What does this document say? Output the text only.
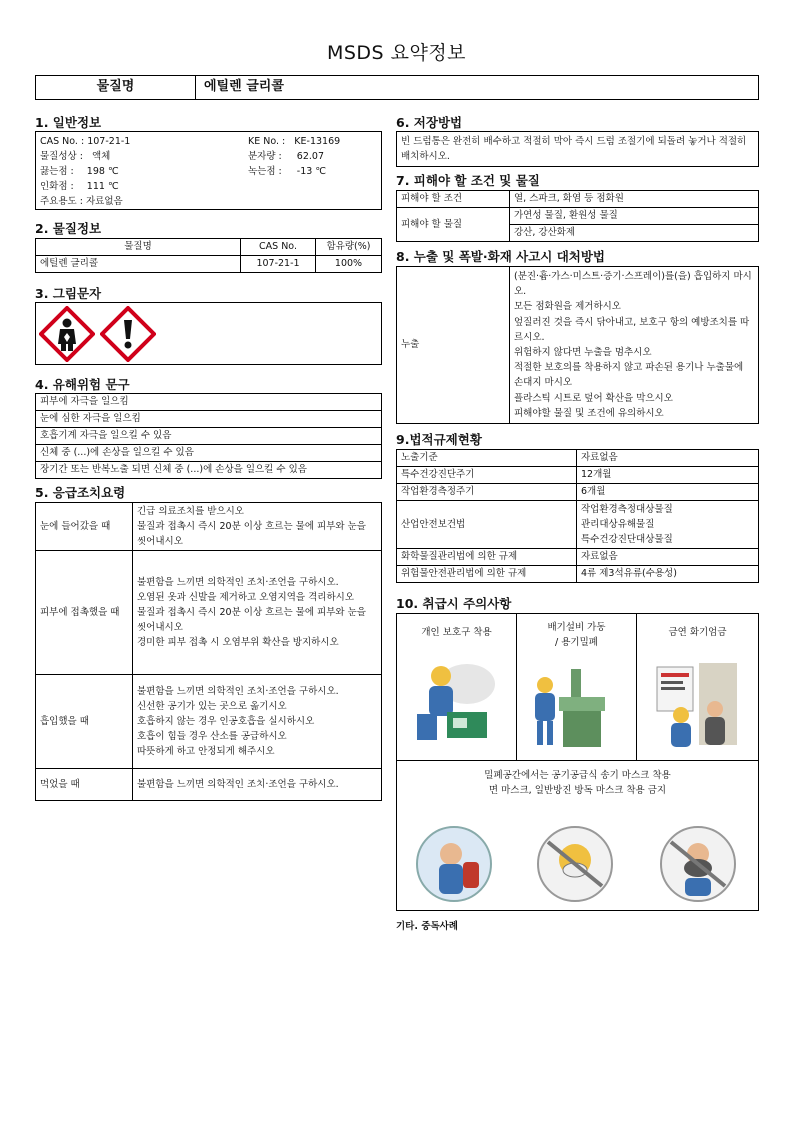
MSDS 요약정보
물질명	에틸렌 글리콜
1. 일반정보
CAS No. : 107-21-1	KE No. : KE-13169
물질성상 : 액체	분자량 : 62.07
끓는점 : 198 ℃	녹는점 : -13 ℃
인화점 : 111 ℃
주요용도 : 자료없음
2. 물질정보
물질명	CAS No.	함유량(%)
에틸렌 글리콜	107-21-1	100%
3. 그림문자
4. 유해위험 문구
피부에 자극을 일으킴
눈에 심한 자극을 일으킴
호흡기계 자극을 일으킬 수 있음
신체 중 (...)에 손상을 일으킬 수 있음
장기간 또는 반복노출 되면 신체 중 (...)에 손상을 일으킬 수 있음
5. 응급조치요령
눈에 들어갔을 때	긴급 의료조치를 받으시오
물질과 접촉시 즉시 20분 이상 흐르는 물에 피부와 눈을 씻어내시오
피부에 접촉했을 때	불편함을 느끼면 의학적인 조치·조언을 구하시오.
오염된 옷과 신발을 제거하고 오염지역을 격리하시오
물질과 접촉시 즉시 20분 이상 흐르는 물에 피부와 눈을 씻어내시오
경미한 피부 접촉 시 오염부위 확산을 방지하시오
흡입했을 때	불편함을 느끼면 의학적인 조치·조언을 구하시오.
신선한 공기가 있는 곳으로 옮기시오
호흡하지 않는 경우 인공호흡을 실시하시오
호흡이 힘들 경우 산소를 공급하시오
따뜻하게 하고 안정되게 해주시오
먹었을 때	불편함을 느끼면 의학적인 조치·조언을 구하시오.
6. 저장방법
빈 드럼통은 완전히 배수하고 적절히 막아 즉시 드럼 조절기에 되돌려 놓거나 적절히 배치하시오.
7. 피해야 할 조건 및 물질
피해야 할 조건	열, 스파크, 화염 등 점화원
피해야 할 물질	가연성 물질, 환원성 물질
	강산, 강산화제
8. 누출 및 폭발·화재 사고시 대처방법
누출	(분진·흄·가스·미스트·증기·스프레이)를(을) 흡입하지 마시오.
모든 점화원을 제거하시오
엎질러진 것을 즉시 닦아내고, 보호구 항의 예방조치를 따르시오.
위험하지 않다면 누출을 멈추시오
적절한 보호의를 착용하지 않고 파손된 용기나 누출물에 손대지 마시오
플라스틱 시트로 덮어 확산을 막으시오
피해야할 물질 및 조건에 유의하시오
9.법적규제현황
노출기준	자료없음
특수건강진단주기	12개월
작업환경측정주기	6개월
산업안전보건법	작업환경측정대상물질
관리대상유해물질
특수건강진단대상물질
화학물질관리법에 의한 규제	자료없음
위험물안전관리법에 의한 규제	4류 제3석유류(수용성)
10. 취급시 주의사항
개인 보호구 착용	배기설비 가동
/ 용기밀폐
금연 화기엄금
밀폐공간에서는 공기공급식 송기 마스크 착용
면 마스크, 일반방진 방독 마스크 착용 금지
기타. 중독사례
